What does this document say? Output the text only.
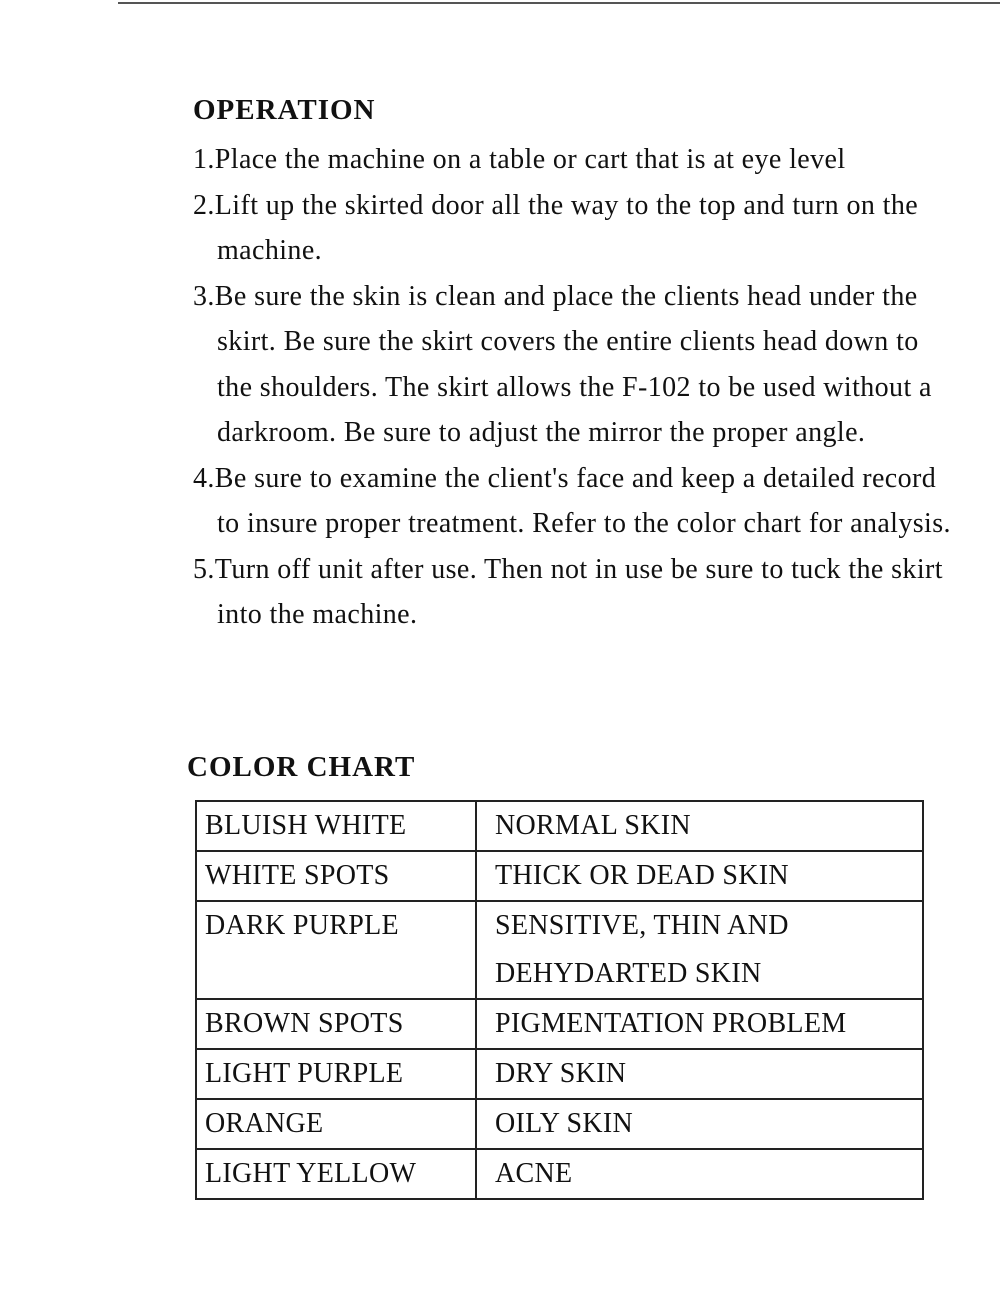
OPERATION
1.Place the machine on a table or cart that is at eye level
2.Lift up the skirted door all the way to the top and turn on the machine.
3.Be sure the skin is clean and place the clients head under the skirt. Be sure the skirt covers the entire clients head down to the shoulders. The skirt allows the F-102 to be used without a darkroom. Be sure to adjust the mirror the proper angle.
4.Be sure to examine the client's face and keep a detailed record to insure proper treatment. Refer to the color chart for analysis.
5.Turn off unit after use. Then not in use be sure to tuck the skirt into the machine.
COLOR CHART
BLUISH WHITE	NORMAL SKIN
WHITE SPOTS	THICK OR DEAD SKIN
DARK PURPLE	SENSITIVE, THIN AND DEHYDARTED SKIN
BROWN SPOTS	PIGMENTATION PROBLEM
LIGHT PURPLE	DRY SKIN
ORANGE	OILY SKIN
LIGHT YELLOW	ACNE
